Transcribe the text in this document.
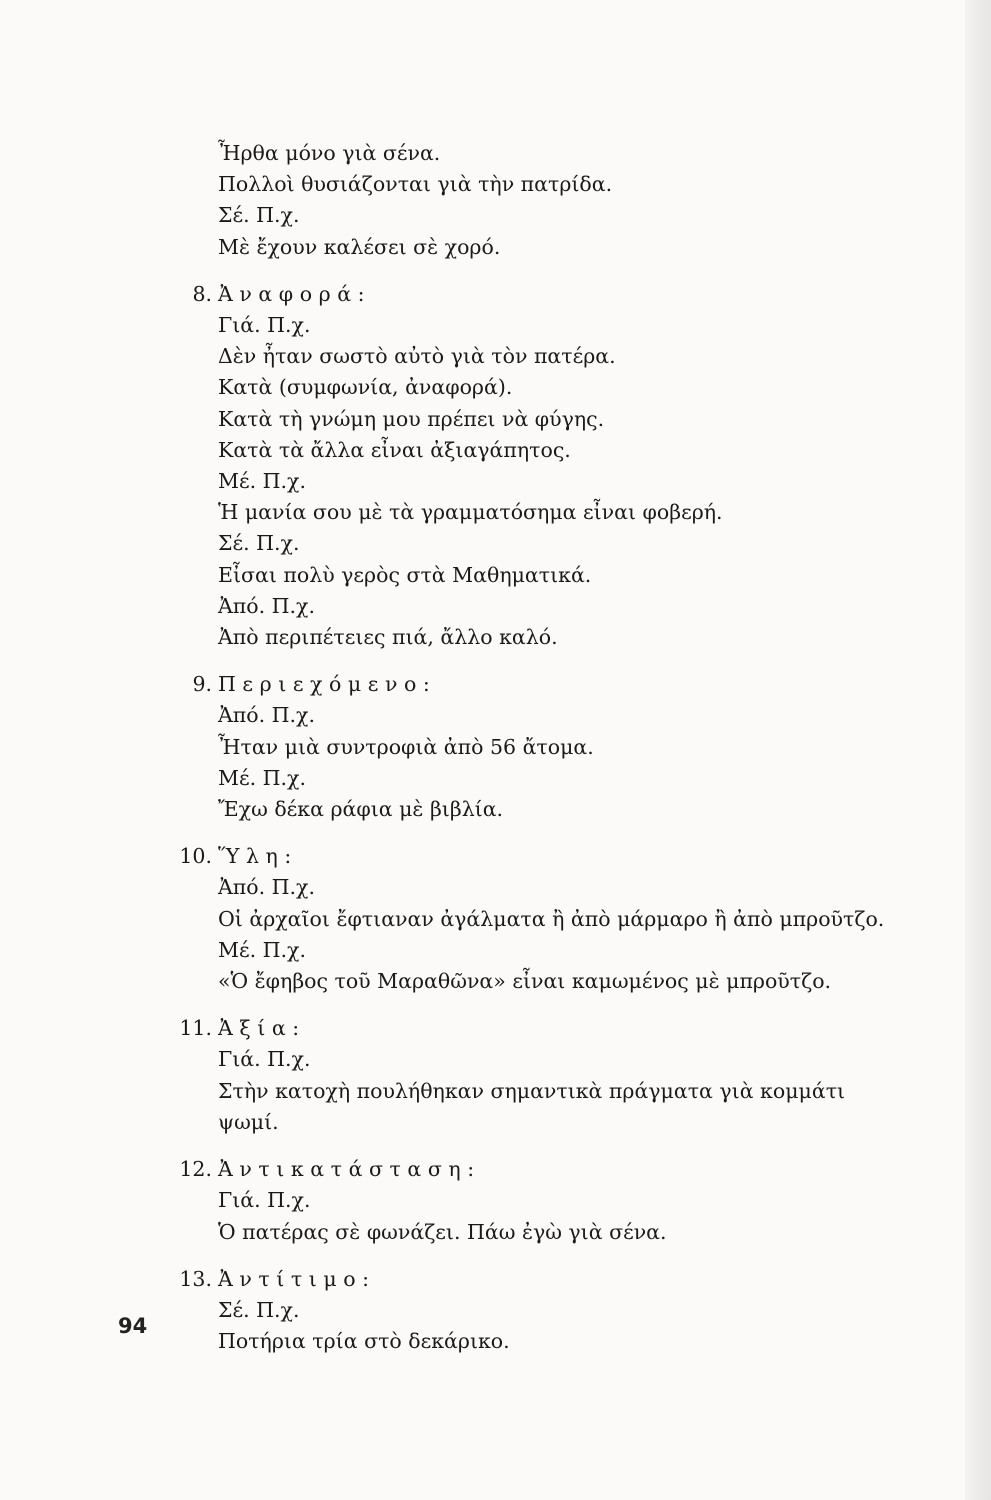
Ἦρθα μόνο γιὰ σένα.
Πολλοὶ θυσιάζονται γιὰ τὴν πατρίδα.
Σέ. Π.χ.
Μὲ ἔχουν καλέσει σὲ χορό.
8. Ἀναφορά:
Γιά. Π.χ.
Δὲν ἦταν σωστὸ αὐτὸ γιὰ τὸν πατέρα.
Κατὰ (συμφωνία, ἀναφορά).
Κατὰ τὴ γνώμη μου πρέπει νὰ φύγης.
Κατὰ τὰ ἄλλα εἶναι ἀξιαγάπητος.
Μέ. Π.χ.
Ἡ μανία σου μὲ τὰ γραμματόσημα εἶναι φοβερή.
Σέ. Π.χ.
Εἶσαι πολὺ γερὸς στὰ Μαθηματικά.
Ἀπό. Π.χ.
Ἀπὸ περιπέτειες πιά, ἄλλο καλό.
9. Περιεχόμενο:
Ἀπό. Π.χ.
Ἦταν μιὰ συντροφιὰ ἀπὸ 56 ἄτομα.
Μέ. Π.χ.
Ἔχω δέκα ράφια μὲ βιβλία.
10. Ὕλη:
Ἀπό. Π.χ.
Οἱ ἀρχαῖοι ἔφτιαναν ἀγάλματα ἢ ἀπὸ μάρμαρο ἢ ἀπὸ μπροῦτζο.
Μέ. Π.χ.
«Ὁ ἔφηβος τοῦ Μαραθῶνα» εἶναι καμωμένος μὲ μπροῦτζο.
11. Ἀξία:
Γιά. Π.χ.
Στὴν κατοχὴ πουλήθηκαν σημαντικὰ πράγματα γιὰ κομμάτι
ψωμί.
12. Ἀντικατάσταση:
Γιά. Π.χ.
Ὁ πατέρας σὲ φωνάζει. Πάω ἐγὼ γιὰ σένα.
13. Ἀντίτιμο:
Σέ. Π.χ.
Ποτήρια τρία στὸ δεκάρικο.
94
